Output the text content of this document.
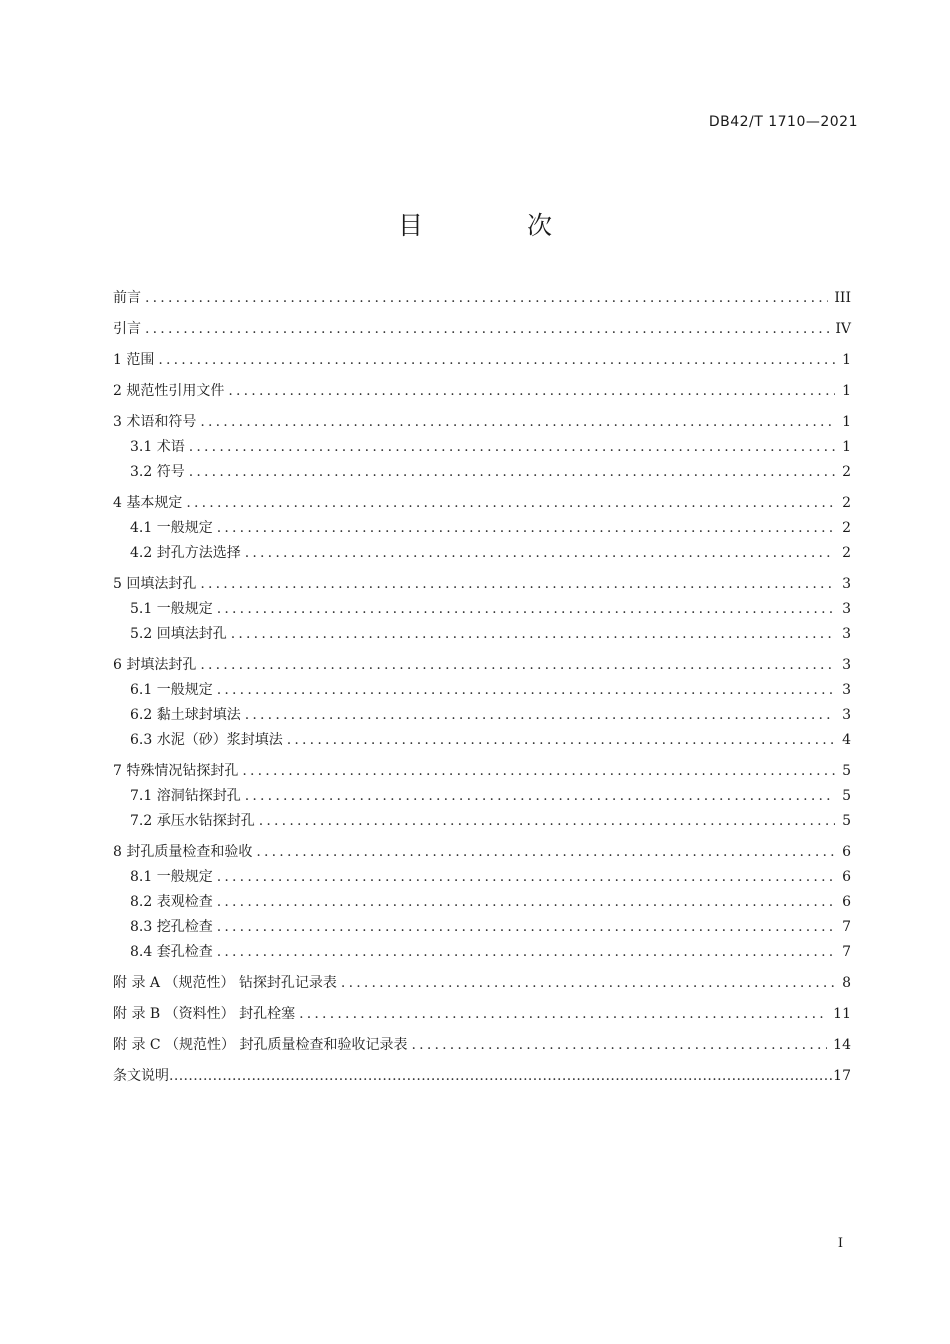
DB42/T 1710—2021
目 次
前言 .....	III
引言 .....	IV
1 范围 .....	1
2 规范性引用文件 .....	1
3 术语和符号 .....	1
3.1 术语 .....	1
3.2 符号 .....	2
4 基本规定 .....	2
4.1 一般规定 .....	2
4.2 封孔方法选择 .....	2
5 回填法封孔 .....	3
5.1 一般规定 .....	3
5.2 回填法封孔 .....	3
6 封填法封孔 .....	3
6.1 一般规定 .....	3
6.2 黏土球封填法 .....	3
6.3 水泥（砂）浆封填法 .....	4
7 特殊情况钻探封孔 .....	5
7.1 溶洞钻探封孔 .....	5
7.2 承压水钻探封孔 .....	5
8 封孔质量检查和验收 .....	6
8.1 一般规定 .....	6
8.2 表观检查 .....	6
8.3 挖孔检查 .....	7
8.4 套孔检查 .....	7
附 录 A （规范性） 钻探封孔记录表 .....	8
附 录 B （资料性） 封孔栓塞 .....	11
附 录 C （规范性） 封孔质量检查和验收记录表 .....	14
条文说明 .....	17
I
